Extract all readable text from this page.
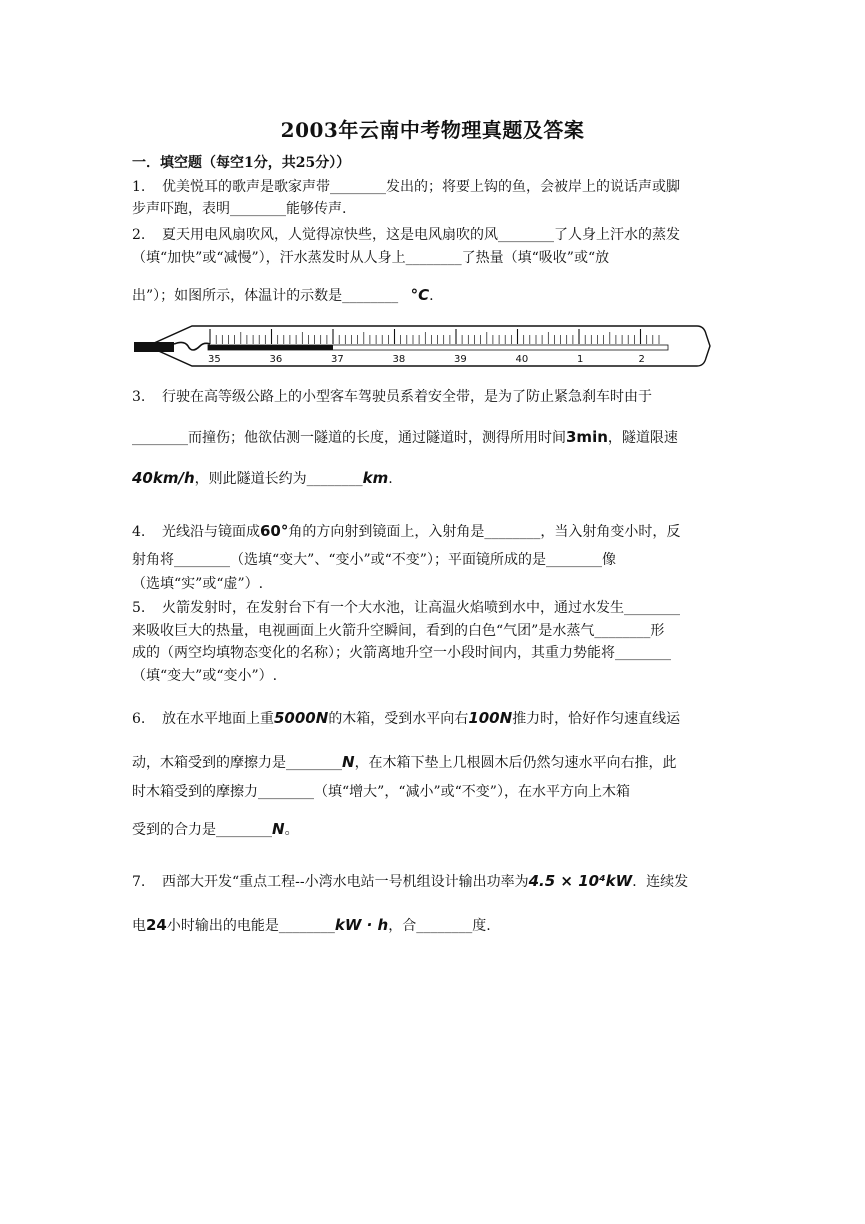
2003年云南中考物理真题及答案
一．填空题（每空1分，共25分））
1. 优美悦耳的歌声是歌家声带________发出的；将要上钩的鱼，会被岸上的说话声或脚
步声吓跑，表明________能够传声.
2. 夏天用电风扇吹风，人觉得凉快些，这是电风扇吹的风________了人身上汗水的蒸发
（填“加快”或“减慢”），汗水蒸发时从人身上________了热量（填“吸收”或“放
出”）；如图所示，体温计的示数是________ °C.
35	36	37	38	39	40	1	2
3. 行驶在高等级公路上的小型客车驾驶员系着安全带，是为了防止紧急刹车时由于
________而撞伤；他欲估测一隧道的长度，通过隧道时，测得所用时间3min，隧道限速
40km/h，则此隧道长约为________km.
4. 光线沿与镜面成60°角的方向射到镜面上，入射角是________，当入射角变小时，反
射角将________（选填“变大”、“变小”或“不变”）；平面镜所成的是________像
（选填“实”或“虚”）.
5. 火箭发射时，在发射台下有一个大水池，让高温火焰喷到水中，通过水发生________
来吸收巨大的热量，电视画面上火箭升空瞬间，看到的白色“气团”是水蒸气________形
成的（两空均填物态变化的名称）；火箭离地升空一小段时间内，其重力势能将________
（填“变大”或“变小”）.
6. 放在水平地面上重5000N的木箱，受到水平向右100N推力时，恰好作匀速直线运
动，木箱受到的摩擦力是________N，在木箱下垫上几根圆木后仍然匀速水平向右推，此
时木箱受到的摩擦力________（填“增大”，“减小”或“不变”），在水平方向上木箱
受到的合力是________N。
7. 西部大开发“重点工程--小湾水电站一号机组设计输出功率为4.5 × 10⁴kW．连续发
电24小时输出的电能是________kW · h，合________度.
